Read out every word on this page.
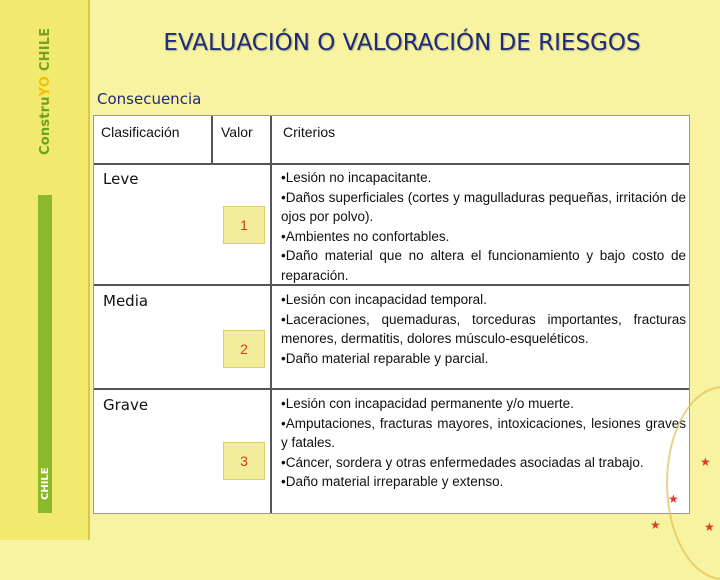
ConstruYO CHILE
CHILE
EVALUACIÓN O VALORACIÓN DE RIESGOS
Consecuencia
Clasificación	Valor Criterios
Leve
1
•Lesión no incapacitante.
•Daños superficiales (cortes y magulladuras pequeñas, irritación de ojos por polvo).
•Ambientes no confortables.
•Daño material que no altera el funcionamiento y bajo costo de reparación.
Media
2
•Lesión con incapacidad temporal.
•Laceraciones, quemaduras, torceduras importantes, fracturas menores, dermatitis, dolores músculo-esqueléticos.
•Daño material reparable y parcial.
Grave
3
•Lesión con incapacidad permanente y/o muerte.
•Amputaciones, fracturas mayores, intoxicaciones, lesiones graves y fatales.
•Cáncer, sordera y otras enfermedades asociadas al trabajo.
•Daño material irreparable y extenso.
★
★
★
★
